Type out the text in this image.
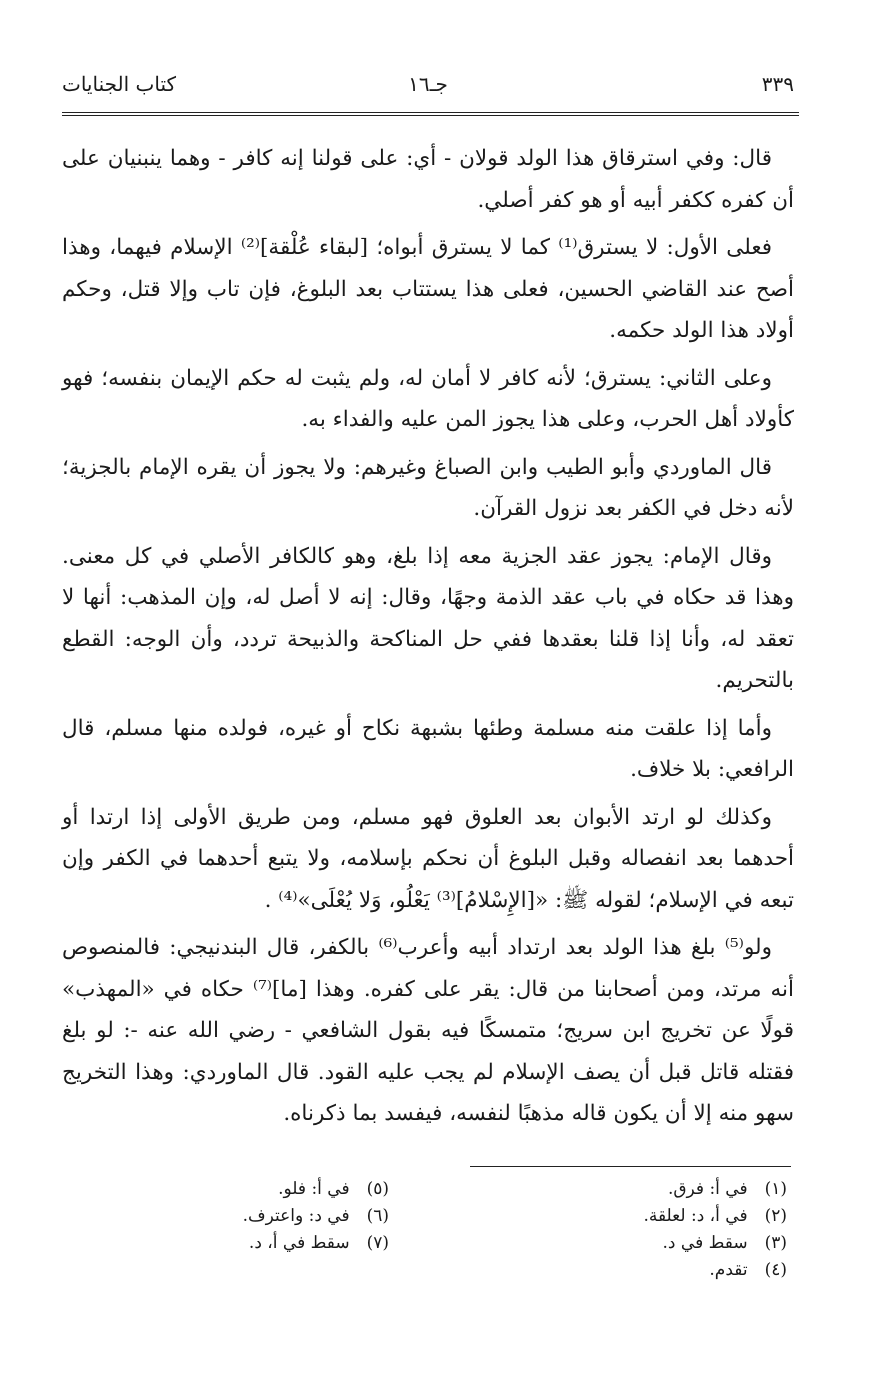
٣٣٩
جـ١٦
كتاب الجنايات

قال: وفي استرقاق هذا الولد قولان - أي: على قولنا إنه كافر - وهما ينبنيان على أن كفره ككفر أبيه أو هو كفر أصلي.

فعلى الأول: لا يسترق⁽¹⁾ كما لا يسترق أبواه؛ [لبقاء عُلْقة]⁽²⁾ الإسلام فيهما، وهذا أصح عند القاضي الحسين، فعلى هذا يستتاب بعد البلوغ، فإن تاب وإلا قتل، وحكم أولاد هذا الولد حكمه.

وعلى الثاني: يسترق؛ لأنه كافر لا أمان له، ولم يثبت له حكم الإيمان بنفسه؛ فهو كأولاد أهل الحرب، وعلى هذا يجوز المن عليه والفداء به.

قال الماوردي وأبو الطيب وابن الصباغ وغيرهم: ولا يجوز أن يقره الإمام بالجزية؛ لأنه دخل في الكفر بعد نزول القرآن.

وقال الإمام: يجوز عقد الجزية معه إذا بلغ، وهو كالكافر الأصلي في كل معنى. وهذا قد حكاه في باب عقد الذمة وجهًا، وقال: إنه لا أصل له، وإن المذهب: أنها لا تعقد له، وأنا إذا قلنا بعقدها ففي حل المناكحة والذبيحة تردد، وأن الوجه: القطع بالتحريم.

وأما إذا علقت منه مسلمة وطئها بشبهة نكاح أو غيره، فولده منها مسلم، قال الرافعي: بلا خلاف.

وكذلك لو ارتد الأبوان بعد العلوق فهو مسلم، ومن طريق الأولى إذا ارتدا أو أحدهما بعد انفصاله وقبل البلوغ أن نحكم بإسلامه، ولا يتبع أحدهما في الكفر وإن تبعه في الإسلام؛ لقوله ﷺ: «[الإِسْلامُ]⁽³⁾ يَعْلُو، وَلا يُعْلَى»⁽⁴⁾ .

ولو⁽⁵⁾ بلغ هذا الولد بعد ارتداد أبيه وأعرب⁽⁶⁾ بالكفر، قال البندنيجي: فالمنصوص أنه مرتد، ومن أصحابنا من قال: يقر على كفره. وهذا [ما]⁽⁷⁾ حكاه في «المهذب» قولًا عن تخريج ابن سريج؛ متمسكًا فيه بقول الشافعي - رضي الله عنه -: لو بلغ فقتله قاتل قبل أن يصف الإسلام لم يجب عليه القود. قال الماوردي: وهذا التخريج سهو منه إلا أن يكون قاله مذهبًا لنفسه، فيفسد بما ذكرناه.

(١) في أ: فرق.
(٢) في أ، د: لعلقة.
(٣) سقط في د.
(٤) تقدم.
(٥) في أ: فلو.
(٦) في د: واعترف.
(٧) سقط في أ، د.
